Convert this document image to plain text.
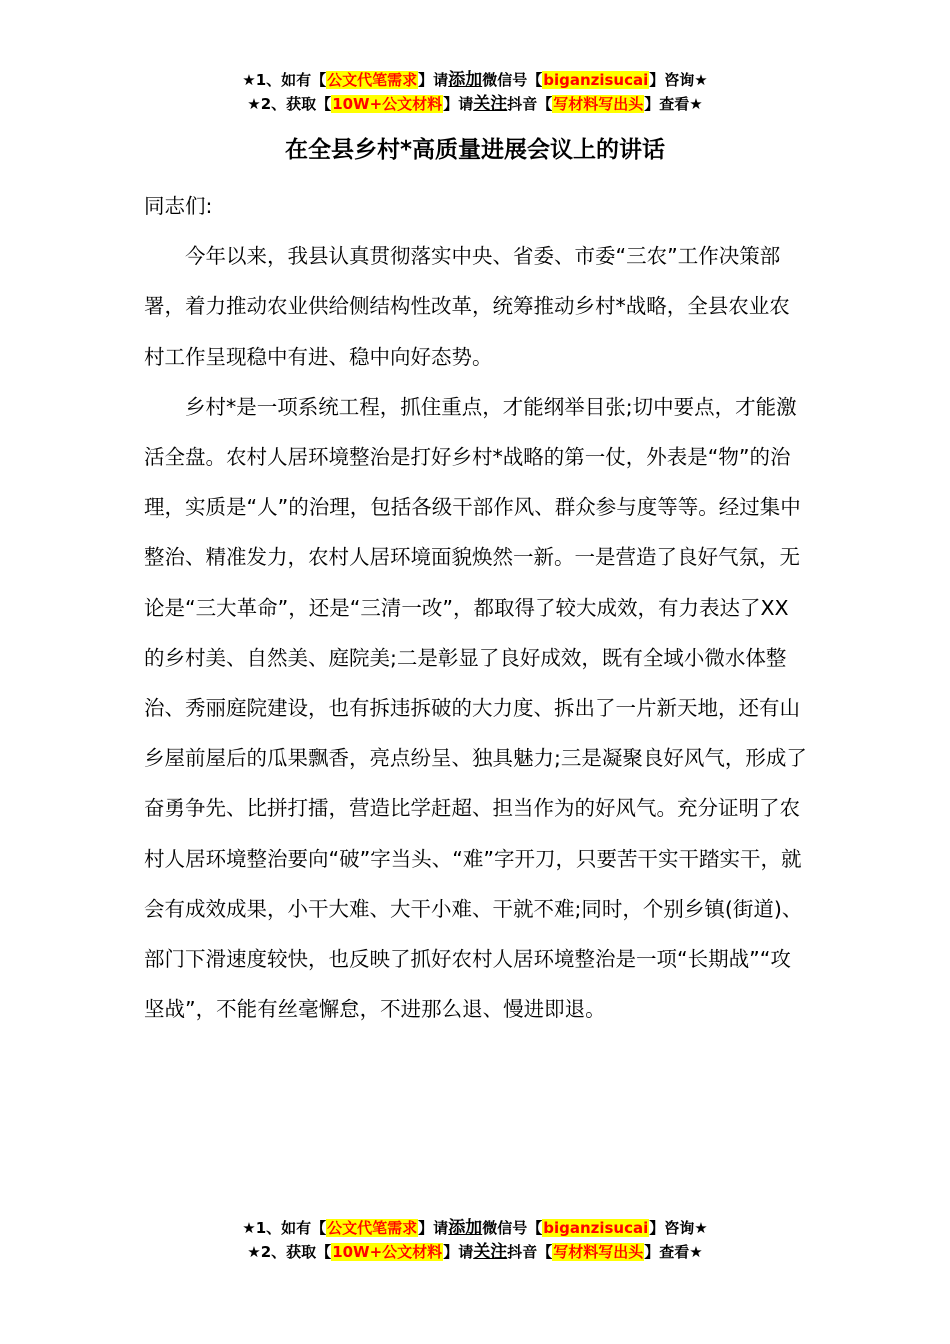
★1、如有【公文代笔需求】请添加微信号【biganzisucai】咨询★
★2、获取【10W+公文材料】请关注抖音【写材料写出头】查看★
在全县乡村*高质量进展会议上的讲话

同志们:

今年以来，我县认真贯彻落实中央、省委、市委“三农”工作决策部署，着力推动农业供给侧结构性改革，统筹推动乡村*战略，全县农业农村工作呈现稳中有进、稳中向好态势。

乡村*是一项系统工程，抓住重点，才能纲举目张;切中要点，才能激活全盘。农村人居环境整治是打好乡村*战略的第一仗，外表是“物”的治理，实质是“人”的治理，包括各级干部作风、群众参与度等等。经过集中整治、精准发力，农村人居环境面貌焕然一新。一是营造了良好气氛，无论是“三大革命”，还是“三清一改”，都取得了较大成效，有力表达了XX的乡村美、自然美、庭院美;二是彰显了良好成效，既有全域小微水体整治、秀丽庭院建设，也有拆违拆破的大力度、拆出了一片新天地，还有山乡屋前屋后的瓜果飘香，亮点纷呈、独具魅力;三是凝聚良好风气，形成了奋勇争先、比拼打擂，营造比学赶超、担当作为的好风气。充分证明了农村人居环境整治要向“破”字当头、“难”字开刀，只要苦干实干踏实干，就会有成效成果，小干大难、大干小难、干就不难;同时，个别乡镇(街道)、部门下滑速度较快，也反映了抓好农村人居环境整治是一项“长期战”“攻坚战”，不能有丝毫懈怠，不进那么退、慢进即退。

★1、如有【公文代笔需求】请添加微信号【biganzisucai】咨询★
★2、获取【10W+公文材料】请关注抖音【写材料写出头】查看★
